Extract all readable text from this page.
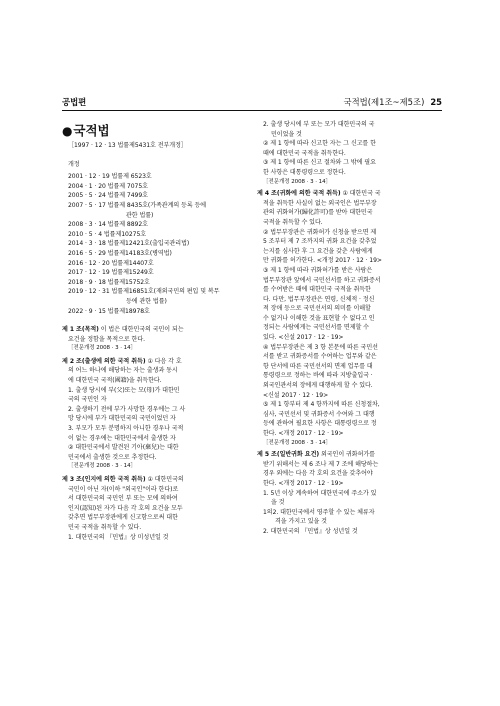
공법편	국적법(제1조~제5조) 25
●국적법
［1997 · 12 · 13 법률제5431호 전부개정］
개정
2001 · 12 · 19 법률제 6523호
2004 · 1 · 20 법률제 7075호
2005 · 5 · 24 법률제 7499호
2007 · 5 · 17 법률제 8435호(가족관계의 등록 등에
관한 법률)
2008 · 3 · 14 법률제 8892호
2010 · 5 · 4 법률제10275호
2014 · 3 · 18 법률제12421호(출입국관리법)
2016 · 5 · 29 법률제14183호(병역법)
2016 · 12 · 20 법률제14407호
2017 · 12 · 19 법률제15249호
2018 · 9 · 18 법률제15752호
2019 · 12 · 31 법률제16851호(재외국민의 편입 및 복무
등에 관한 법률)
2022 · 9 · 15 법률제18978호

제 1 조(목적) 이 법은 대한민국의 국민이 되는

요건을 정함을 목적으로 한다.

［전문개정 2008 · 3 · 14］

제 2 조(출생에 의한 국적 취득) ① 다음 각 호

의 어느 하나에 해당하는 자는 출생과 동시

에 대한민국 국적(國籍)을 취득한다.

1. 출생 당시에 부(父)또는 모(母)가 대한민

국의 국민인 자

2. 출생하기 전에 부가 사망한 경우에는 그 사

망 당시에 부가 대한민국의 국민이었던 자

3. 부모가 모두 분명하지 아니한 경우나 국적

이 없는 경우에는 대한민국에서 출생한 자

② 대한민국에서 발견된 기아(棄兒)는 대한

민국에서 출생한 것으로 추정한다.

［전문개정 2008 · 3 · 14］

제 3 조(인지에 의한 국적 취득) ① 대한민국의

국민이 아닌 자(이하 "외국인"이라 한다)로

서 대한민국의 국민인 부 또는 모에 의하여

인지(認知)된 자가 다음 각 호의 요건을 모두

갖추면 법무부장관에게 신고함으로써 대한

민국 국적을 취득할 수 있다.

1. 대한민국의 『민법』상 미성년일 것

2. 출생 당시에 부 또는 모가 대한민국의 국

민이었을 것

② 제 1 항에 따라 신고한 자는 그 신고를 한

때에 대한민국 국적을 취득한다.

③ 제 1 항에 따른 신고 절차와 그 밖에 필요

한 사항은 대통령령으로 정한다.

［전문개정 2008 · 3 · 14］

제 4 조(귀화에 의한 국적 취득) ① 대한민국 국

적을 취득한 사실이 없는 외국인은 법무부장

관의 귀화허가(歸化許可)를 받아 대한민국

국적을 취득할 수 있다.

② 법무부장관은 귀화허가 신청을 받으면 제

5 조부터 제 7 조까지의 귀화 요건을 갖추었

는지를 심사한 후 그 요건을 갖춘 사람에게

만 귀화를 허가한다. <개정 2017 · 12 · 19>

③ 제 1 항에 따라 귀화허가를 받은 사람은

법무부장관 앞에서 국민선서를 하고 귀화증서

를 수여받은 때에 대한민국 국적을 취득한

다. 다만, 법무부장관은 연령, 신체적 · 정신

적 장애 등으로 국민선서의 의미를 이해할

수 없거나 이해한 것을 표현할 수 없다고 인

정되는 사람에게는 국민선서를 면제할 수

있다. <신설 2017 · 12 · 19>

④ 법무부장관은 제 3 항 본문에 따른 국민선

서를 받고 귀화증서를 수여하는 업무와 같은

항 단서에 따른 국민선서의 면제 업무를 대

통령령으로 정하는 바에 따라 지방출입국 ·

외국인관서의 장에게 대행하게 할 수 있다.

<신설 2017 · 12 · 19>

⑤ 제 1 항부터 제 4 항까지에 따른 신청절차,

심사, 국민선서 및 귀화증서 수여와 그 대행

등에 관하여 필요한 사항은 대통령령으로 정

한다. <개정 2017 · 12 · 19>

［전문개정 2008 · 3 · 14］

제 5 조(일반귀화 요건) 외국인이 귀화허가를

받기 위해서는 제 6 조나 제 7 조에 해당하는

경우 외에는 다음 각 호의 요건을 갖추어야

한다. <개정 2017 · 12 · 19>

1. 5년 이상 계속하여 대한민국에 주소가 있

을 것

1의2. 대한민국에서 영주할 수 있는 체류자

격을 가지고 있을 것

2. 대한민국의 『민법』상 성년일 것
